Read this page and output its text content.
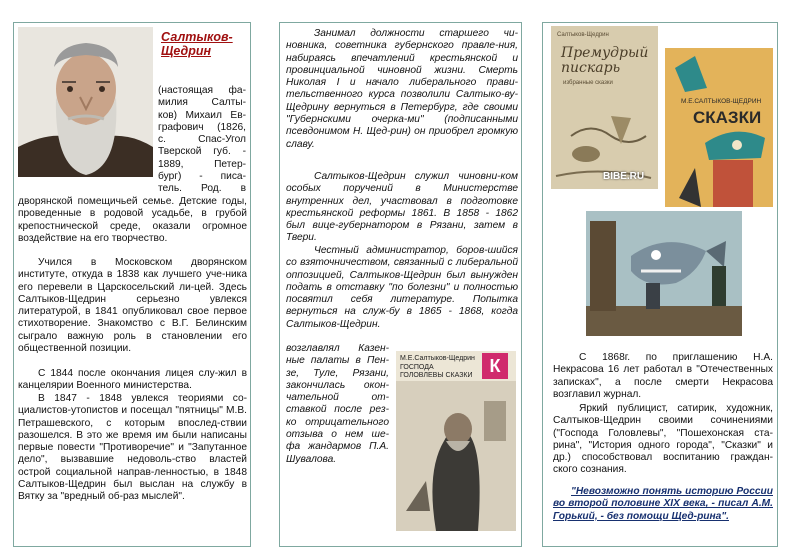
Салтыков-
Щедрин
(настоящая фа-
милия Салты-
ков) Михаил Ев-
графович (1826,
с. Спас-Угол
Тверской губ. -
1889, Петер-
бург) - писа-
тель. Род. в

дворянской помещичьей семье. Детские годы, проведенные в родовой усадьбе, в грубой крепостнической среде, оказали огромное воздействие на его творчество.

Учился в Московском дворянском институте, откуда в 1838 как лучшего уче-ника его перевели в Царскосельский ли-цей. Здесь Салтыков-Щедрин серьезно увлекся литературой, в 1841 опубликовал свое первое стихотворение. Знакомство с В.Г. Белинским сыграло важную роль в становлении его общественной позиции.

С 1844 после окончания лицея слу-жил в канцелярии Военного министерства.

В 1847 - 1848 увлекся теориями со-циалистов-утопистов и посещал "пятницы" М.В. Петрашевского, с которым впослед-ствии разошелся. В это же время им были написаны первые повести "Противоречие" и "Запутанное дело", вызвавшие недоволь-ство властей острой социальной направ-ленностью, в 1848 Салтыков-Щедрин был выслан на службу в Вятку за "вредный об-раз мыслей".

Занимал должности старшего чи-новника, советника губернского правле-ния, набираясь впечатлений крестьянской и провинциальной чиновной жизни. Смерть Николая I и начало либерального прави-тельственного курса позволили Салтыко-ву-Щедрину вернуться в Петербург, где своими "Губернскими очерка-ми" (подписанными псевдонимом Н. Щед-рин) он приобрел громкую славу.

Салтыков-Щедрин служил чиновни-ком особых поручений в Министерстве внутренних дел, участвовал в подготовке крестьянской реформы 1861. В 1858 - 1862 был вице-губернатором в Рязани, затем в Твери.

Честный администратор, боров-шийся со взяточничеством, связанный с либеральной оппозицией, Салтыков-Щедрин был вынужден подать в отставку "по болезни" и полностью посвятил себя литературе. Попытка вернуться на служ-бу в 1865 - 1868, когда Салтыков-Щедрин.

возглавлял Казен-
ные палаты в Пен-
зе, Туле, Рязани,
закончилась окон-
чательной от-
ставкой после рез-
ко отрицательного
отзыва о нем ше-
фа жандармов П.А.
Шувалова.
М.Е.Салтыков-Щедрин
ГОСПОДА ГОЛОВЛЕВЫ СКАЗКИ К
Салтыков-Щедрин
Премудрый пискарь
избранные сказки
BIBE.RU
М.Е.САЛТЫКОВ-ЩЕДРИН
СКАЗКИ

С 1868г. по приглашению Н.А. Некрасова 16 лет работал в "Отечественных записках", а после смерти Некрасова возглавил журнал.

Яркий публицист, сатирик, художник, Салтыков-Щедрин своими сочинениями ("Господа Головлевы", "Пошехонская ста-рина", "История одного города", "Сказки" и др.) способствовал воспитанию граждан-ского сознания.

"Невозможно понять историю России во второй половине XIX века, - писал А.М. Горький, - без помощи Щед-рина".
